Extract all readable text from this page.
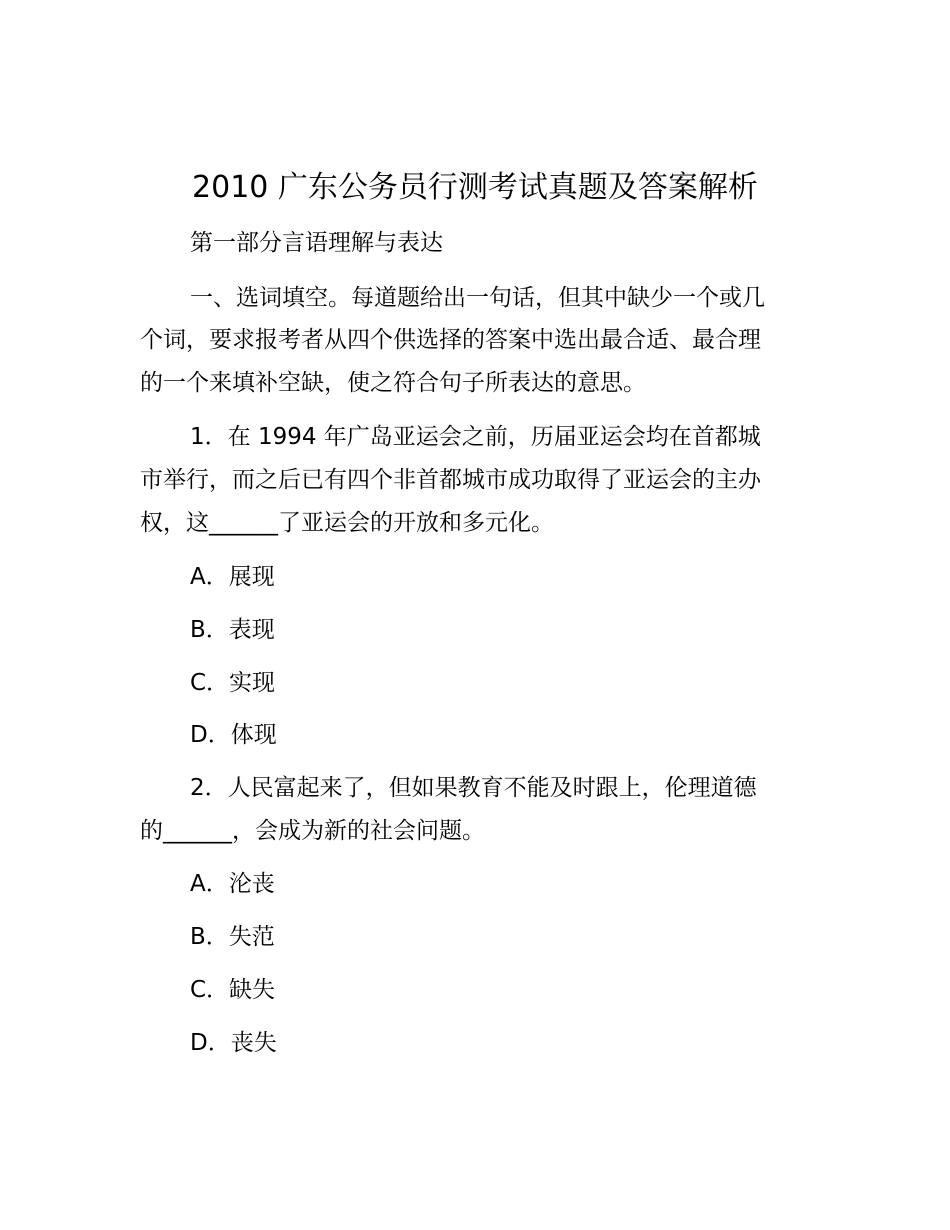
2010 广东公务员行测考试真题及答案解析
第一部分言语理解与表达
一、选词填空。每道题给出一句话，但其中缺少一个或几
个词，要求报考者从四个供选择的答案中选出最合适、最合理
的一个来填补空缺，使之符合句子所表达的意思。
1．在 1994 年广岛亚运会之前，历届亚运会均在首都城
市举行，而之后已有四个非首都城市成功取得了亚运会的主办
权，这______了亚运会的开放和多元化。
A．展现
B．表现
C．实现
D．体现
2．人民富起来了，但如果教育不能及时跟上，伦理道德
的______，会成为新的社会问题。
A．沦丧
B．失范
C．缺失
D．丧失
